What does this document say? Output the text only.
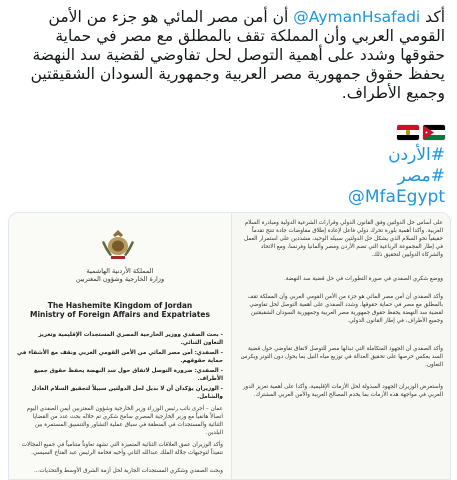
أكد @AymanHsafadi أن أمن مصر المائي هو جزء من الأمن القومي العربي وأن المملكة تقف بالمطلق مع مصر في حماية حقوقها وشدد على أهمية التوصل لحل تفاوضي لقضية سد النهضة يحفظ حقوق جمهورية مصر العربية وجمهورية السودان الشقيقتين وجميع الأطراف.
#الأردن
#مصر
@MfaEgypt
المملكة الأردنية الهاشمية
وزارة الخارجية وشؤون المغتربين
The Hashemite Kingdom of Jordan
Ministry of Foreign Affairs and Expatriates
- بحث الصفدي ووزير الخارجية المصري المستجدات الإقليمية وتعزيز التعاون الثنائي.
- الصفدي: أمن مصر المائي من الأمن القومي العربي ونقف مع الأشقاء في حماية حقوقهم.
- الصفدي: ضرورة التوصل لاتفاق حول سد النهضة يحفظ حقوق جميع الأطراف.
- الوزيران يؤكدان أن لا بديل لحل الدولتين سبيلاً لتحقيق السلام العادل والشامل.
عمان – أجرى نائب رئيس الوزراء وزير الخارجية وشؤون المغتربين أيمن الصفدي اليوم اتصالاً هاتفياً مع وزير الخارجية المصري سامح شكري تم خلاله بحث عدد من القضايا الثنائية والمستجدات في المنطقة في سياق عملية التشاور والتنسيق المستمرة بين البلدين.
وأكد الوزيران عمق العلاقات الثنائية المتميزة التي تشهد تعاوناً متنامياً في جميع المجالات تنفيذاً لتوجيهات جلالة الملك عبدالله الثاني وأخيه فخامة الرئيس عبد الفتاح السيسي.
وبحث الصفدي وشكري المستجدات الجارية لحل أزمة الشرق الأوسط والتحديات...
على أساس حل الدولتين وفق القانون الدولي وقرارات الشرعية الدولية ومبادرة السلام العربية. وأكدا أهمية بلورة تحرك دولي فاعل لإعادة إطلاق مفاوضات جادة تنتج تقدماً حقيقياً نحو السلام الذي يشكل حل الدولتين سبيله الوحيد، مشددين على استمرار العمل في إطار المجموعة الرباعية التي تضم الأردن ومصر وألمانيا وفرنسا، ومع الاتحاد والشركاء الدوليين لتحقيق ذلك.
ووضع شكري الصفدي في صورة التطورات في حل قضية سد النهضة.
وأكد الصفدي أن أمن مصر المائي هو جزء من الأمن القومي العربي وأن المملكة تقف بالمطلق مع مصر في حماية حقوقها. وشدد الصفدي على أهمية التوصل لحل تفاوضي لقضية سد النهضة يحفظ حقوق جمهورية مصر العربية وجمهورية السودان الشقيقتين وجميع الأطراف، في إطار القانون الدولي.
وأكد الصفدي أن الجهود المتكاملة التي تبذلها مصر للتوصل لاتفاق تفاوضي حول قضية السد يعكس حرصها على تحقيق العدالة في توزيع مياه النيل بما يحول دون التوتر ويكرس التعاون.
واستعرض الوزيران الجهود المبذولة لحل الأزمات الإقليمية، وأكدا على أهمية تعزيز الدور العربي في مواجهة هذه الأزمات بما يخدم المصالح العربية والأمن العربي المشترك.
